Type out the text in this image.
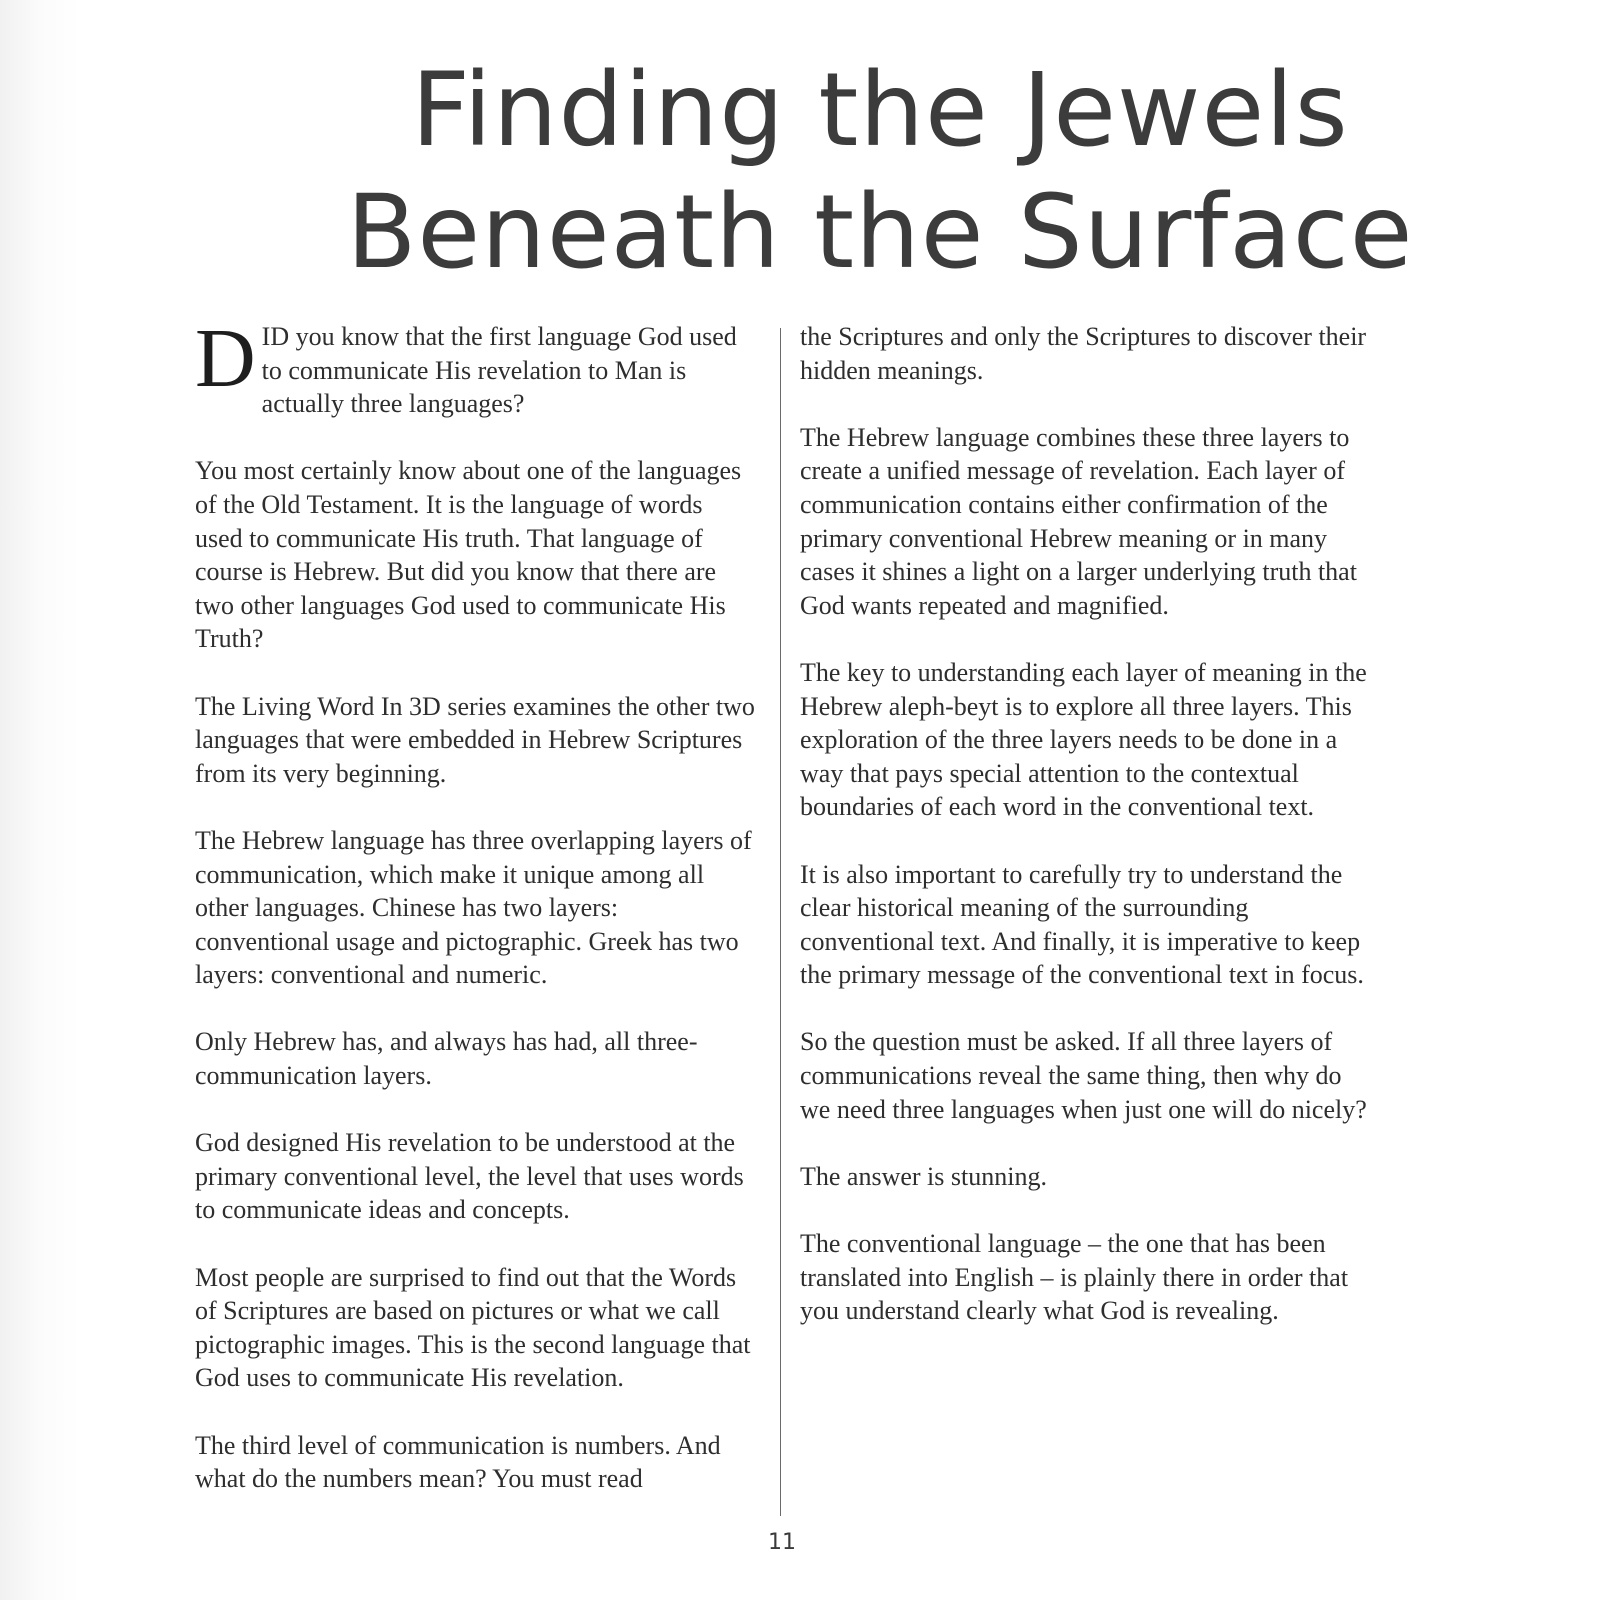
Finding the Jewels
Beneath the Surface

DID you know that the first language God used to communicate His revelation to Man is actually three languages?

You most certainly know about one of the languages of the Old Testament. It is the language of words used to communicate His truth. That language of course is Hebrew. But did you know that there are two other languages God used to communicate His Truth?

The Living Word In 3D series examines the other two languages that were embedded in Hebrew Scriptures from its very beginning.

The Hebrew language has three overlapping layers of communication, which make it unique among all other languages. Chinese has two layers: conventional usage and pictographic. Greek has two layers: conventional and numeric.

Only Hebrew has, and always has had, all three-communication layers.

God designed His revelation to be understood at the primary conventional level, the level that uses words to communicate ideas and concepts.

Most people are surprised to find out that the Words of Scriptures are based on pictures or what we call pictographic images. This is the second language that God uses to communicate His revelation.

The third level of communication is numbers. And what do the numbers mean? You must read

the Scriptures and only the Scriptures to discover their hidden meanings.

The Hebrew language combines these three layers to create a unified message of revelation. Each layer of communication contains either confirmation of the primary conventional Hebrew meaning or in many cases it shines a light on a larger underlying truth that God wants repeated and magnified.

The key to understanding each layer of meaning in the Hebrew aleph-beyt is to explore all three layers. This exploration of the three layers needs to be done in a way that pays special attention to the contextual boundaries of each word in the conventional text.

It is also important to carefully try to understand the clear historical meaning of the surrounding conventional text. And finally, it is imperative to keep the primary message of the conventional text in focus.

So the question must be asked. If all three layers of communications reveal the same thing, then why do we need three languages when just one will do nicely?

The answer is stunning.

The conventional language – the one that has been translated into English – is plainly there in order that you understand clearly what God is revealing.

11
